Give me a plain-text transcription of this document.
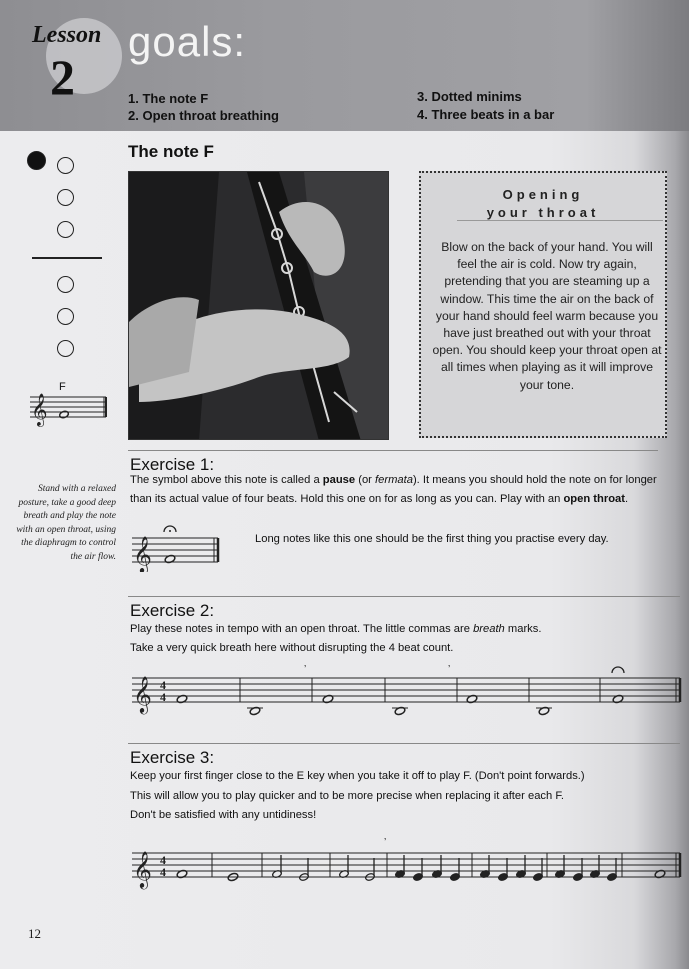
Lesson
2
goals:
1. The note F
2. Open throat breathing
3. Dotted minims
4. Three beats in a bar
𝄞
F
Stand with a relaxed posture, take a good deep breath and play the note with an open throat, using the diaphragm to control the air flow.
The note F
Opening
your throat
Blow on the back of your hand. You will feel the air is cold. Now try again, pretending that you are steaming up a window. This time the air on the back of your hand should feel warm because you have just breathed out with your throat open. You should keep your throat open at all times when playing as it will improve your tone.
Exercise 1:
The symbol above this note is called a pause (or fermata). It means you should hold the note on for longer
than its actual value of four beats. Hold this one on for as long as you can. Play with an open throat.
𝄞	Long notes like this one should be the first thing you practise every day.
Exercise 2:
Play these notes in tempo with an open throat. The little commas are breath marks.
Take a very quick breath here without disrupting the 4 beat count.
𝄞 4
4
’	’
Exercise 3:
Keep your first finger close to the E key when you take it off to play F. (Don't point forwards.)
This will allow you to play quicker and to be more precise when replacing it after each F.
Don't be satisfied with any untidiness!
𝄞 4
4
’
12
